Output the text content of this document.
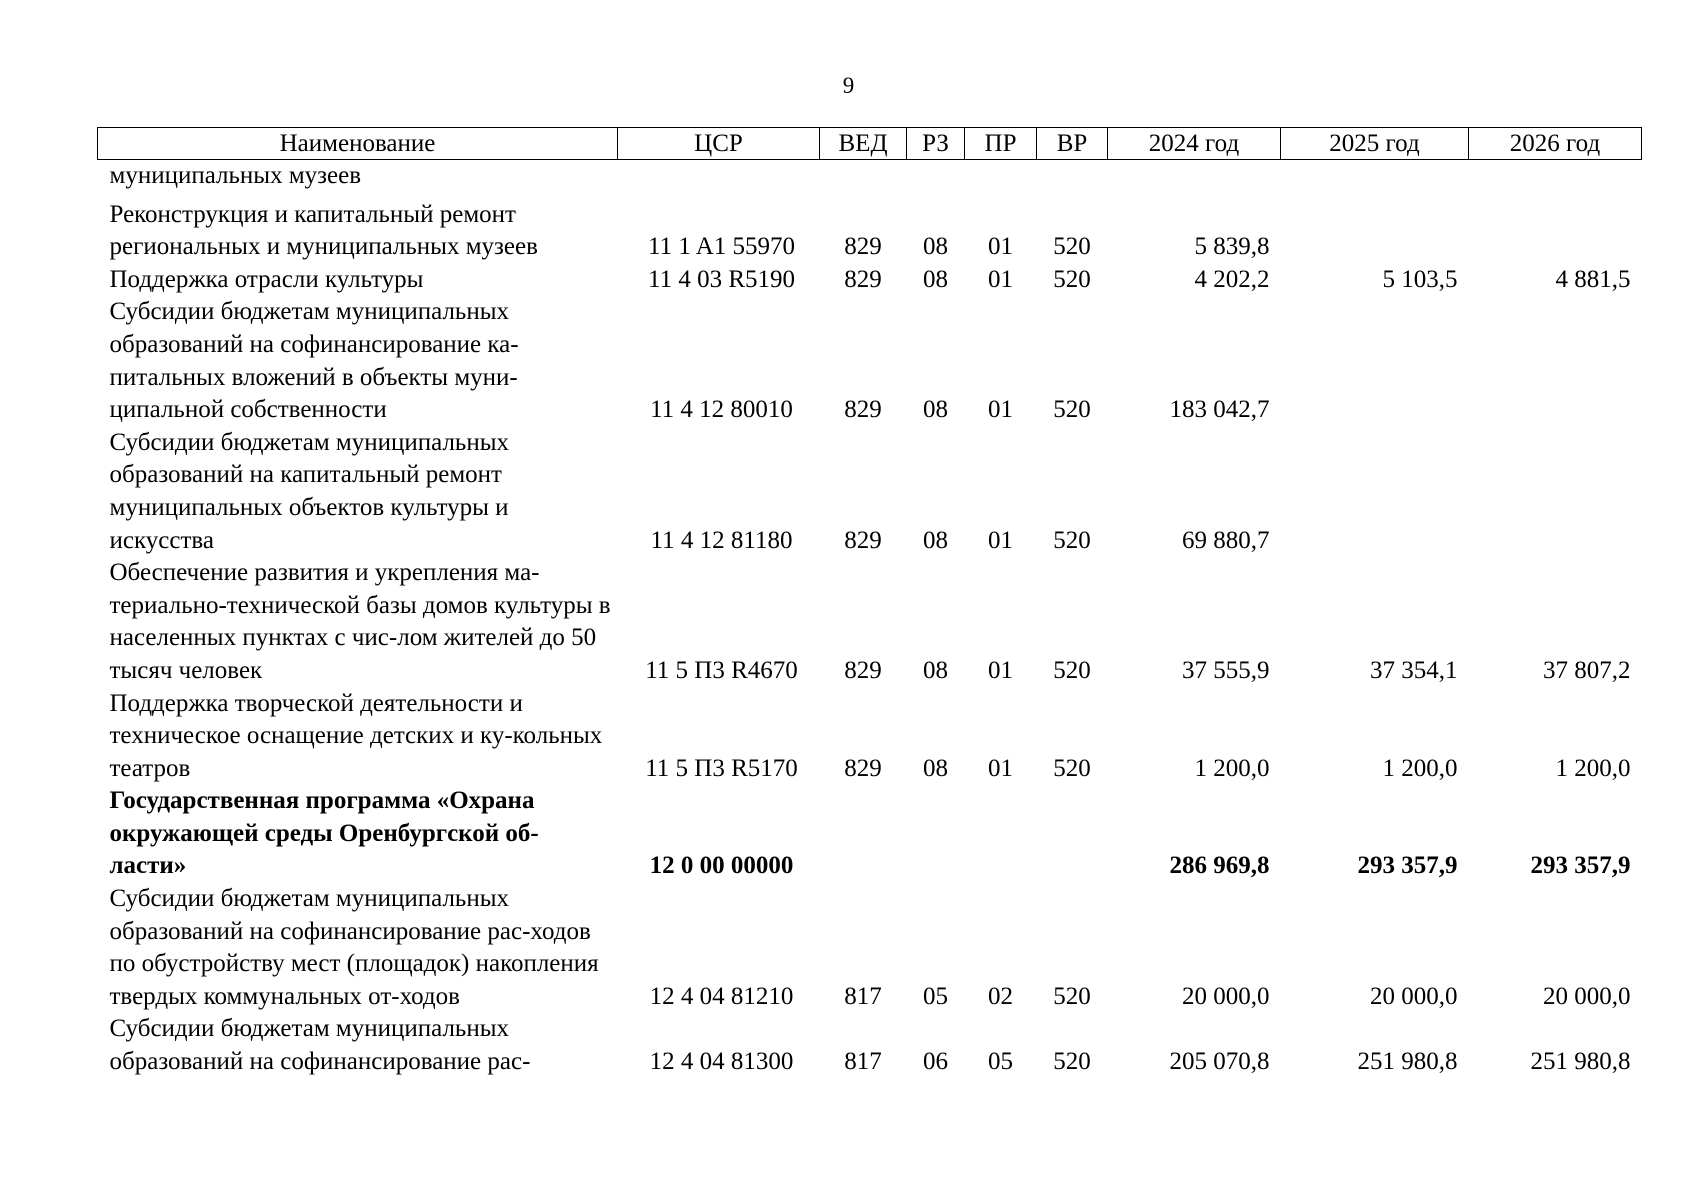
9
Наименование	ЦСР	ВЕД	РЗ	ПР	ВР	2024 год	2025 год	2026 год
муниципальных музеев								
Реконструкция и капитальный ремонт региональных и муниципальных музеев	11 1 A1 55970	829	08	01	520	5 839,8		
Поддержка отрасли культуры	11 4 03 R5190	829	08	01	520	4 202,2	5 103,5	4 881,5
Субсидии бюджетам муниципальных образований на софинансирование ка-питальных вложений в объекты муни-ципальной собственности	11 4 12 80010	829	08	01	520	183 042,7		
Субсидии бюджетам муниципальных образований на капитальный ремонт муниципальных объектов культуры и искусства	11 4 12 81180	829	08	01	520	69 880,7		
Обеспечение развития и укрепления ма-териально-технической базы домов культуры в населенных пунктах с чис-лом жителей до 50 тысяч человек	11 5 П3 R4670	829	08	01	520	37 555,9	37 354,1	37 807,2
Поддержка творческой деятельности и техническое оснащение детских и ку-кольных театров	11 5 П3 R5170	829	08	01	520	1 200,0	1 200,0	1 200,0
Государственная программа «Охрана окружающей среды Оренбургской об-ласти»	12 0 00 00000					286 969,8	293 357,9	293 357,9
Субсидии бюджетам муниципальных образований на софинансирование рас-ходов по обустройству мест (площадок) накопления твердых коммунальных от-ходов	12 4 04 81210	817	05	02	520	20 000,0	20 000,0	20 000,0
Субсидии бюджетам муниципальных образований на софинансирование рас-	12 4 04 81300	817	06	05	520	205 070,8	251 980,8	251 980,8
